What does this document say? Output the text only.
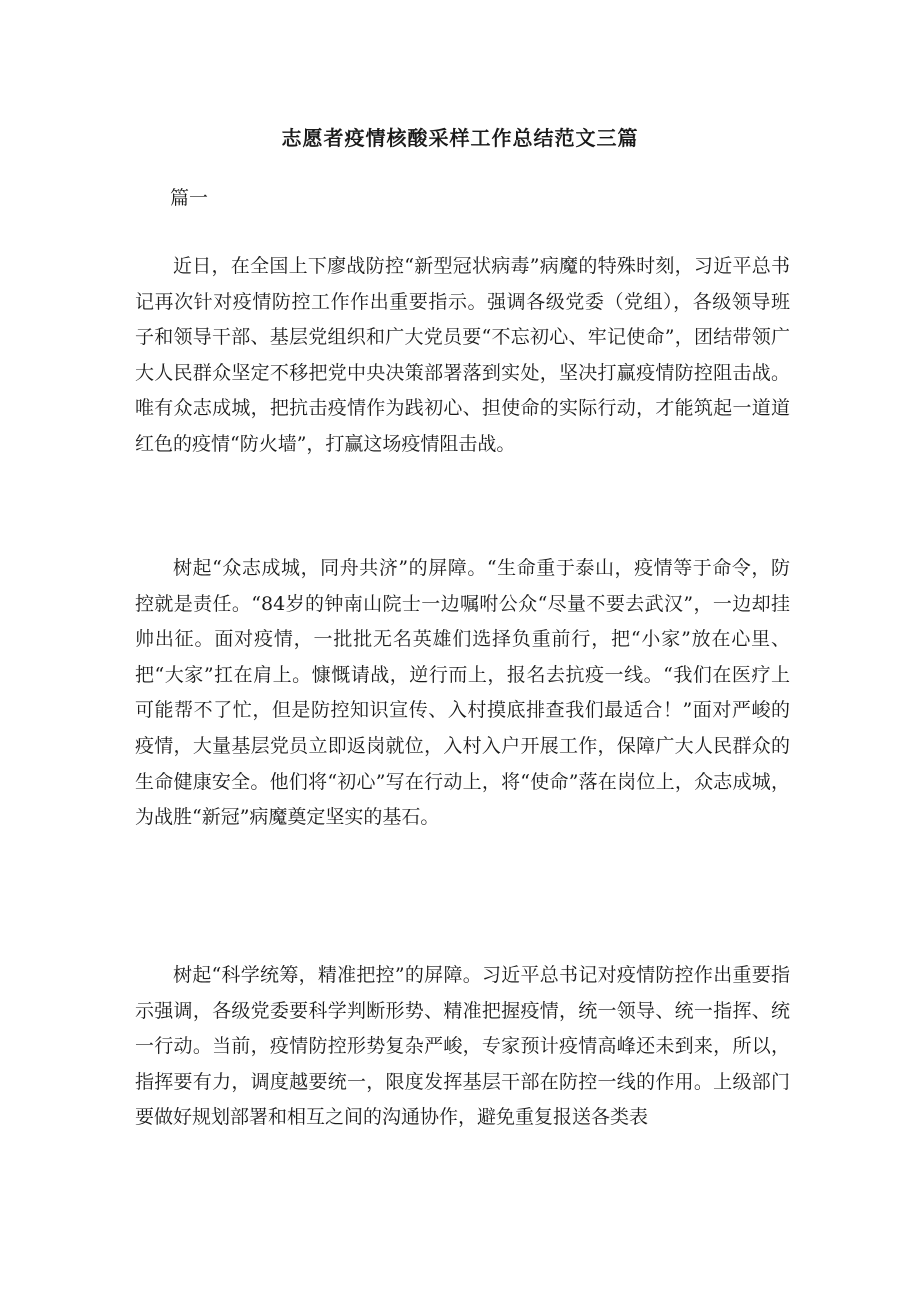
志愿者疫情核酸采样工作总结范文三篇
篇一

近日，在全国上下廖战防控“新型冠状病毒”病魔的特殊时刻，习近平总书记再次针对疫情防控工作作出重要指示。强调各级党委（党组），各级领导班子和领导干部、基层党组织和广大党员要“不忘初心、牢记使命”，团结带领广大人民群众坚定不移把党中央决策部署落到实处，坚决打赢疫情防控阻击战。唯有众志成城，把抗击疫情作为践初心、担使命的实际行动，才能筑起一道道红色的疫情“防火墙”，打赢这场疫情阻击战。

树起“众志成城，同舟共济”的屏障。“生命重于泰山，疫情等于命令，防控就是责任。“84岁的钟南山院士一边嘱咐公众“尽量不要去武汉”，一边却挂帅出征。面对疫情，一批批无名英雄们选择负重前行，把“小家”放在心里、把“大家”扛在肩上。慷慨请战，逆行而上，报名去抗疫一线。“我们在医疗上可能帮不了忙，但是防控知识宣传、入村摸底排查我们最适合！”面对严峻的疫情，大量基层党员立即返岗就位，入村入户开展工作，保障广大人民群众的生命健康安全。他们将“初心”写在行动上，将“使命”落在岗位上，众志成城，为战胜“新冠”病魔奠定坚实的基石。

树起“科学统筹，精准把控”的屏障。习近平总书记对疫情防控作出重要指示强调，各级党委要科学判断形势、精准把握疫情，统一领导、统一指挥、统一行动。当前，疫情防控形势复杂严峻，专家预计疫情高峰还未到来，所以，指挥要有力，调度越要统一，限度发挥基层干部在防控一线的作用。上级部门要做好规划部署和相互之间的沟通协作，避免重复报送各类表
